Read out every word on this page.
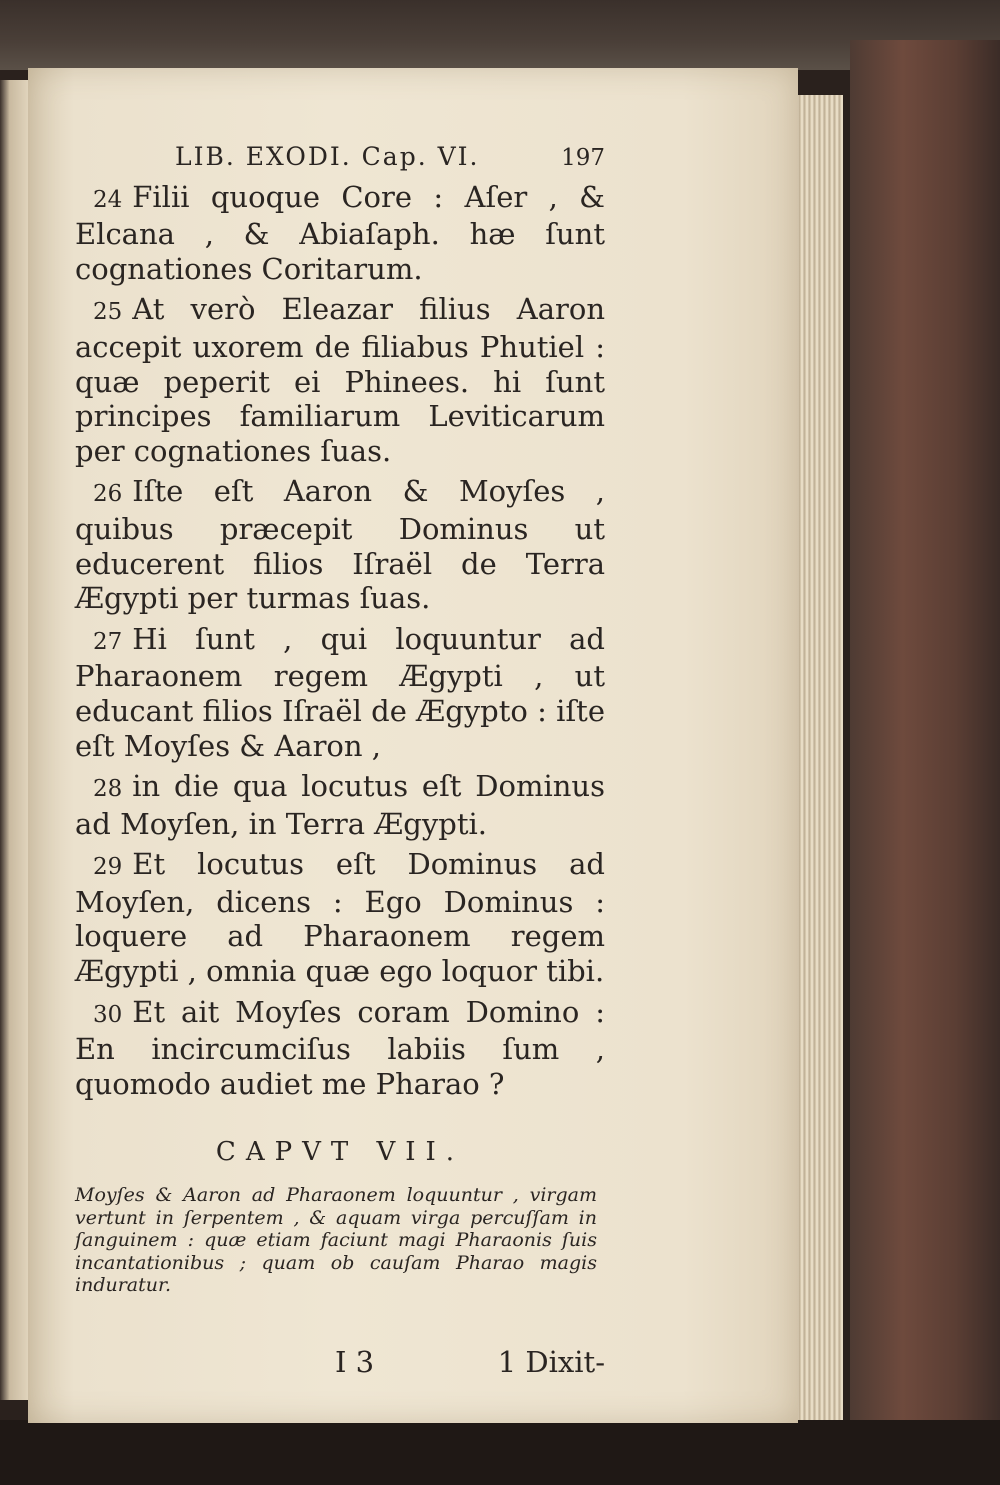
LIB. EXODI. Cap. VI.	197

24 Filii quoque Core : Aſer , & Elcana , & Abiaſaph. hæ ſunt cognationes Coritarum.

25 At verò Eleazar filius Aaron accepit uxorem de filiabus Phutiel : quæ peperit ei Phinees. hi ſunt principes familiarum Leviticarum per cognationes ſuas.

26 Iſte eſt Aaron & Moyſes , quibus præcepit Dominus ut educerent filios Iſraël de Terra Ægypti per turmas ſuas.

27 Hi ſunt , qui loquuntur ad Pharaonem regem Ægypti , ut educant filios Iſraël de Ægypto : iſte eſt Moyſes & Aaron ,

28 in die qua locutus eſt Dominus ad Moyſen, in Terra Ægypti.

29 Et locutus eſt Dominus ad Moyſen, dicens : Ego Dominus : loquere ad Pharaonem regem Ægypti , omnia quæ ego loquor tibi.

30 Et ait Moyſes coram Domino : En incircumciſus labiis ſum , quomodo audiet me Pharao ?

CAPVT VII.
Moyſes & Aaron ad Pharaonem loquuntur , virgam vertunt in ſerpentem , & aquam virga percuſſam in ſanguinem : quæ etiam faciunt magi Pharaonis ſuis incantationibus ; quam ob cauſam Pharao magis induratur.
I 3	1 Dixit-
